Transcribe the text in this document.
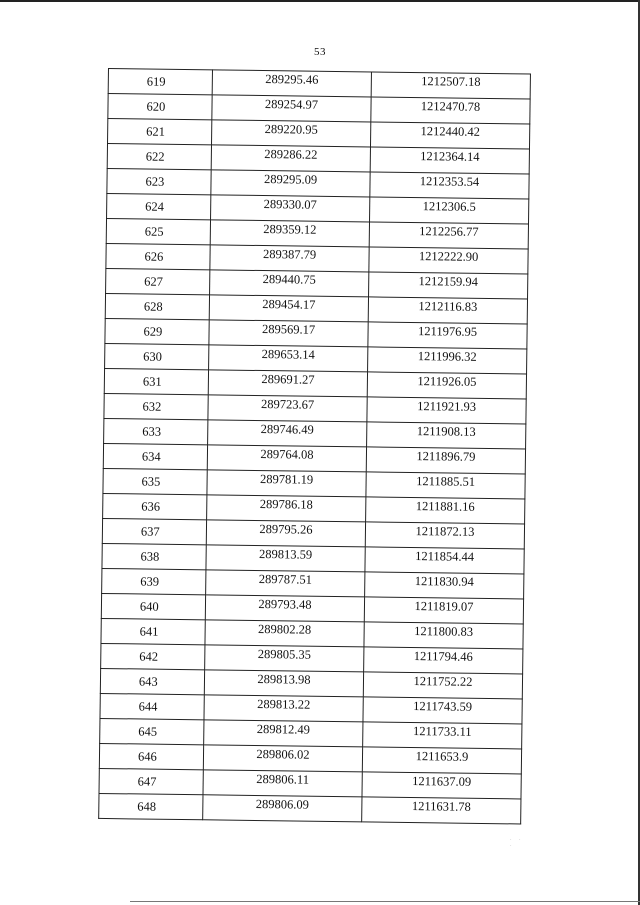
53
619	289295.46	1212507.18
620	289254.97	1212470.78
621	289220.95	1212440.42
622	289286.22	1212364.14
623	289295.09	1212353.54
624	289330.07	1212306.5
625	289359.12	1212256.77
626	289387.79	1212222.90
627	289440.75	1212159.94
628	289454.17	1212116.83
629	289569.17	1211976.95
630	289653.14	1211996.32
631	289691.27	1211926.05
632	289723.67	1211921.93
633	289746.49	1211908.13
634	289764.08	1211896.79
635	289781.19	1211885.51
636	289786.18	1211881.16
637	289795.26	1211872.13
638	289813.59	1211854.44
639	289787.51	1211830.94
640	289793.48	1211819.07
641	289802.28	1211800.83
642	289805.35	1211794.46
643	289813.98	1211752.22
644	289813.22	1211743.59
645	289812.49	1211733.11
646	289806.02	1211653.9
647	289806.11	1211637.09
648	289806.09	1211631.78
. . .
